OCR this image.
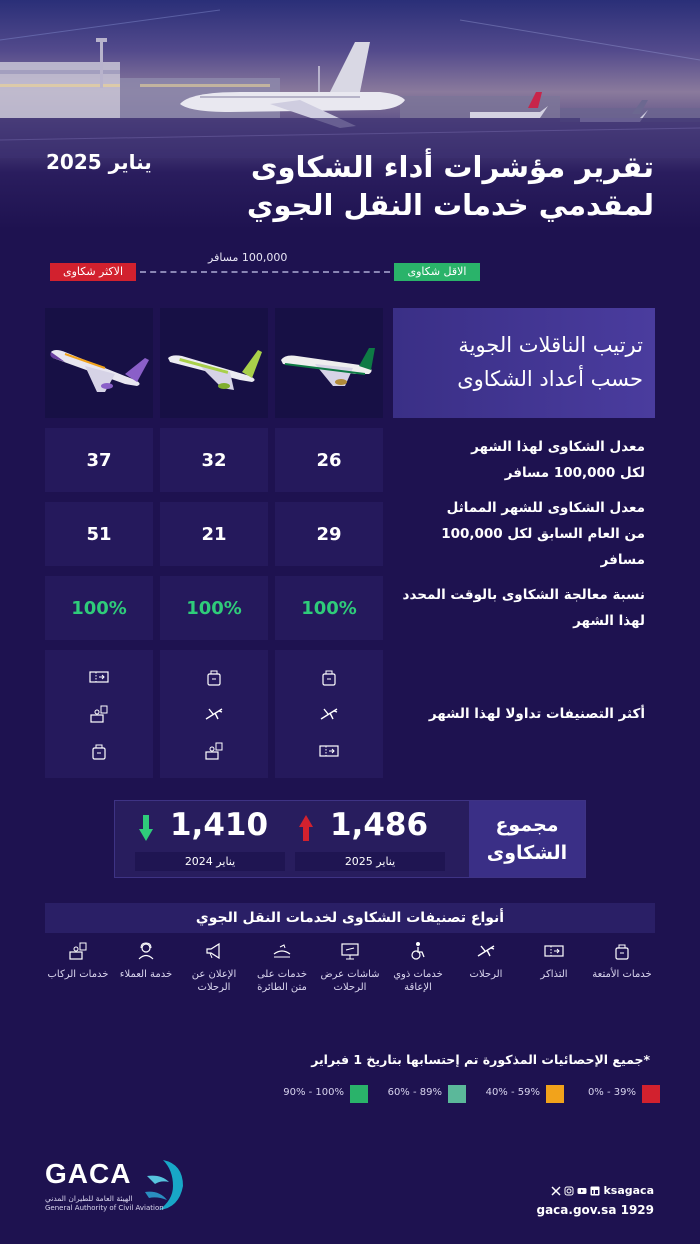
يناير 2025	تقرير مؤشرات أداء الشكاوى
لمقدمي خدمات النقل الجوي
الاكثر شكاوى
100,000 مسافر
الاقل شكاوى
ترتيب الناقلات الجوية
حسب أعداد الشكاوى
37	32	26
معدل الشكاوى لهذا الشهر
لكل 100,000 مسافر
51	21	29
معدل الشكاوى للشهر المماثل
من العام السابق لكل 100,000 مسافر
100%	100%	100%
نسبة معالجة الشكاوى بالوقت المحدد
لهذا الشهر
أكثر التصنيفات تداولا لهذا الشهر
1,410
يناير 2024
1,486
يناير 2025
مجموع
الشكاوى
أنواع تصنيفات الشكاوى لخدمات النقل الجوي
خدمات الأمتعة
التذاكر
الرحلات
خدمات ذوي الإعاقة
شاشات عرض الرحلات
خدمات على متن الطائرة
الإعلان عن الرحلات
خدمة العملاء
خدمات الركاب
*جميع الإحصائيات المذكورة تم إحتسابها بتاريخ 1 فبراير
0% - 39%
40% - 59%
60% - 89%
90% - 100%
GACA
الهيئة العامة للطيران المدني
General Authority of Civil Aviation
ksagaca
gaca.gov.sa 1929
